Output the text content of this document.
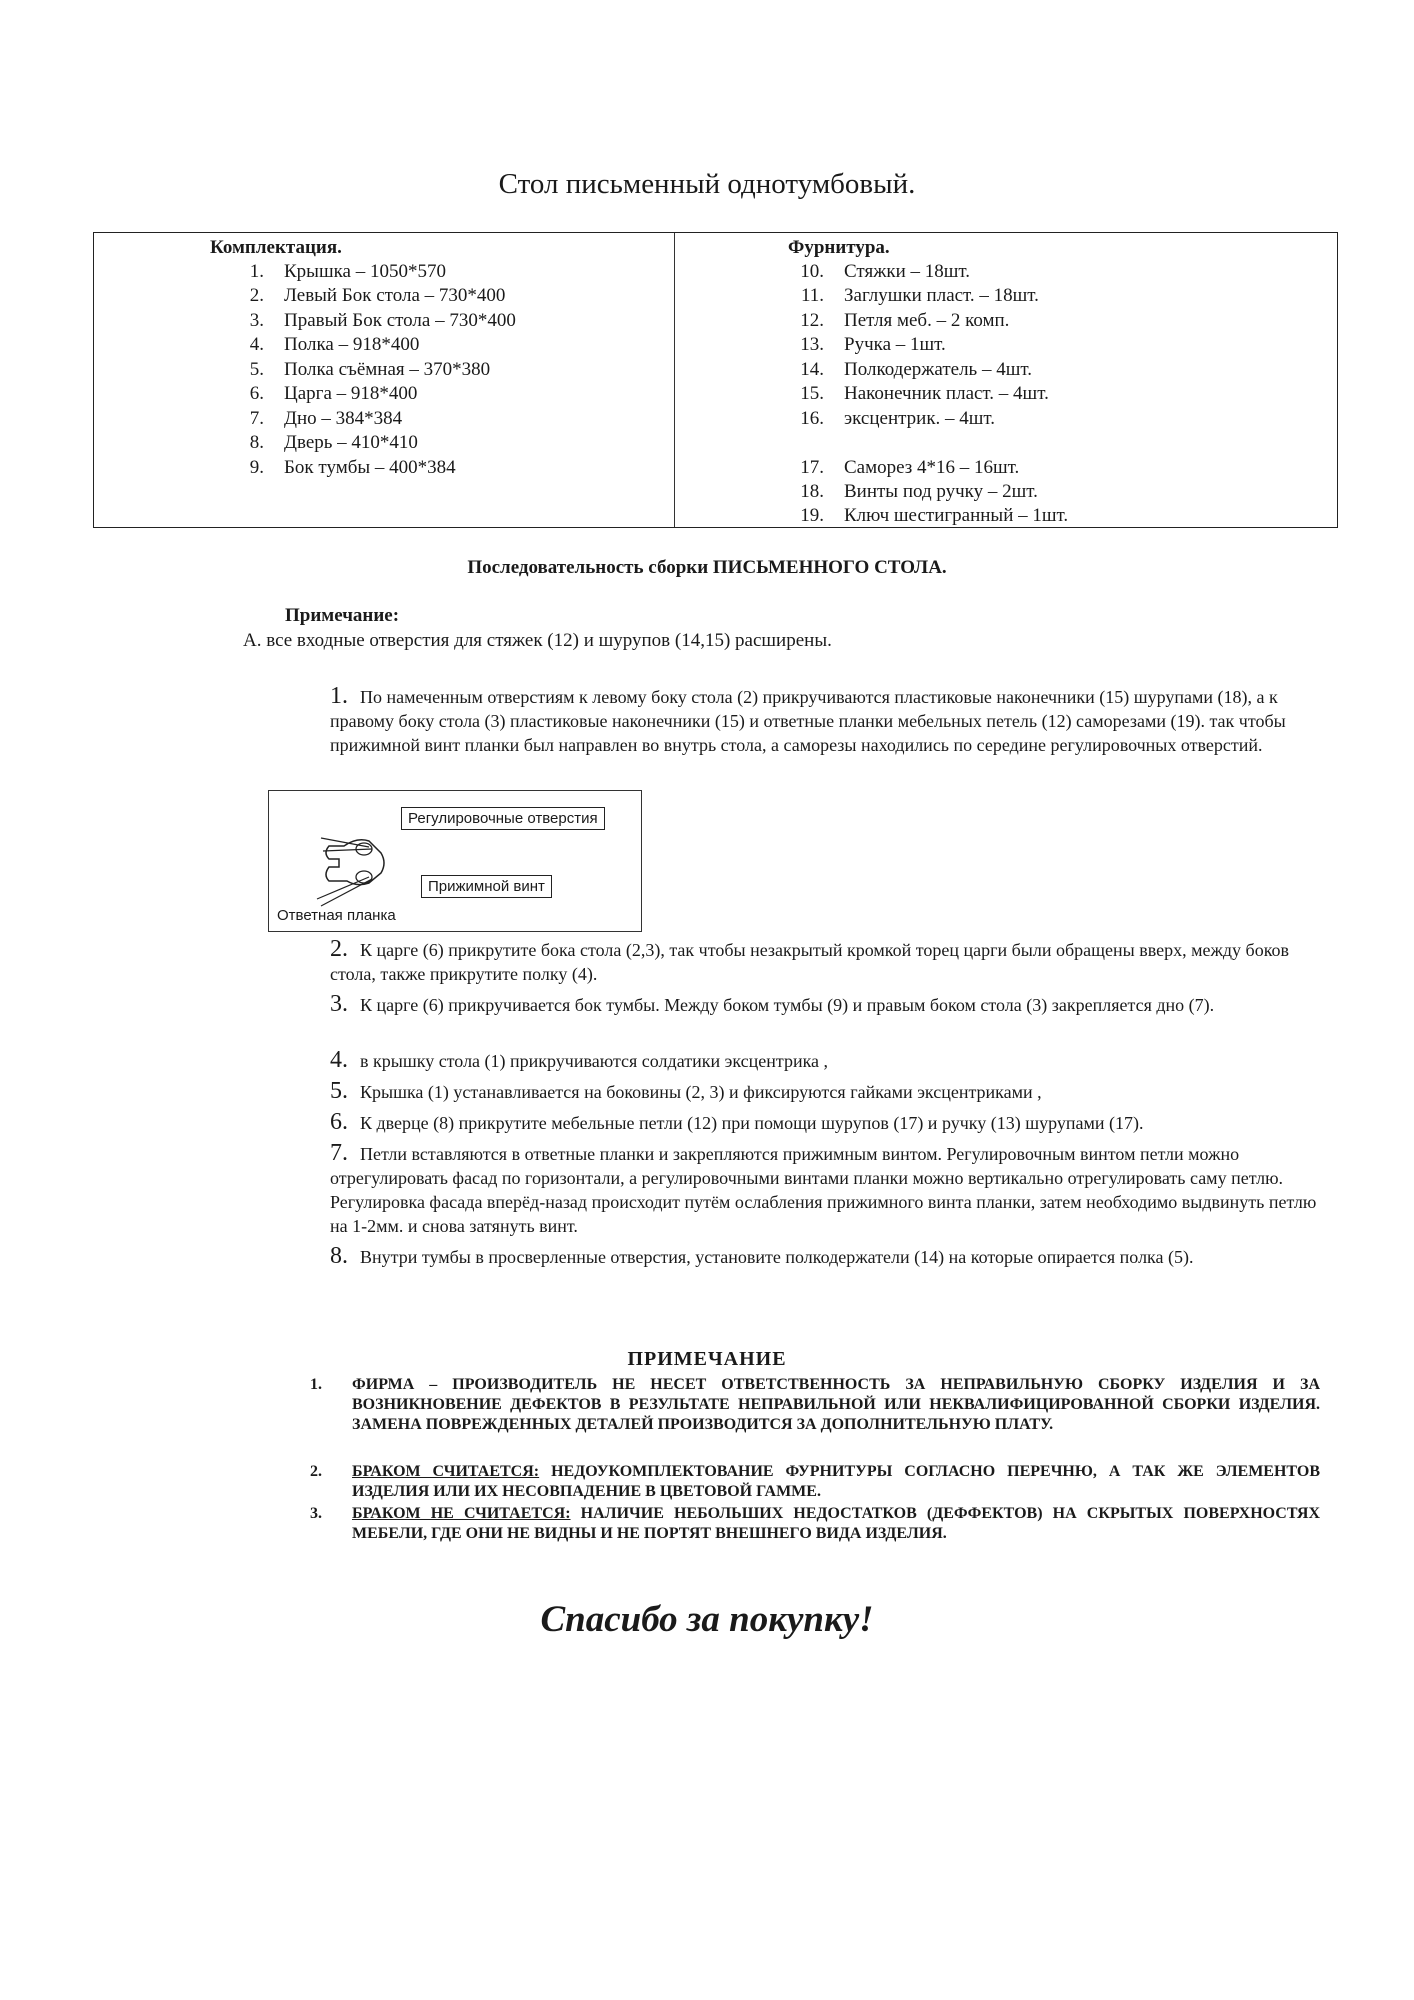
Стол письменный однотумбовый.
Комплектация.
1. Крышка – 1050*570
2. Левый Бок стола – 730*400
3. Правый Бок стола – 730*400
4. Полка – 918*400
5. Полка съёмная – 370*380
6. Царга – 918*400
7. Дно – 384*384
8. Дверь – 410*410
9. Бок тумбы – 400*384
Фурнитура.
10. Стяжки – 18шт.
11. Заглушки пласт. – 18шт.
12. Петля меб. – 2 комп.
13. Ручка – 1шт.
14. Полкодержатель – 4шт.
15. Наконечник пласт. – 4шт.
16. эксцентрик. – 4шт.
17. Саморез 4*16 – 16шт.
18. Винты под ручку – 2шт.
19. Ключ шестигранный – 1шт.
Последовательность сборки ПИСЬМЕННОГО СТОЛА.
Примечание:
А. все входные отверстия для стяжек (12) и шурупов (14,15) расширены.
1. По намеченным отверстиям к левому боку стола (2) прикручиваются пластиковые наконечники (15) шурупами (18), а к правому боку стола (3) пластиковые наконечники (15) и ответные планки мебельных петель (12) саморезами (19). так чтобы прижимной винт планки был направлен во внутрь стола, а саморезы находились по середине регулировочных отверстий.
Регулировочные отверстия
Прижимной винт
Ответная планка
2. К царге (6) прикрутите бока стола (2,3), так чтобы незакрытый кромкой торец царги были обращены вверх, между боков стола, также прикрутите полку (4).
3. К царге (6) прикручивается бок тумбы. Между боком тумбы (9) и правым боком стола (3) закрепляется дно (7).
4. в крышку стола (1) прикручиваются солдатики эксцентрика ,
5. Крышка (1) устанавливается на боковины (2, 3) и фиксируются гайками эксцентриками ,
6. К дверце (8) прикрутите мебельные петли (12) при помощи шурупов (17) и ручку (13) шурупами (17).
7. Петли вставляются в ответные планки и закрепляются прижимным винтом. Регулировочным винтом петли можно отрегулировать фасад по горизонтали, а регулировочными винтами планки можно вертикально отрегулировать саму петлю. Регулировка фасада вперёд-назад происходит путём ослабления прижимного винта планки, затем необходимо выдвинуть петлю на 1-2мм. и снова затянуть винт.
8. Внутри тумбы в просверленные отверстия, установите полкодержатели (14) на которые опирается полка (5).
ПРИМЕЧАНИЕ
1. ФИРМА – ПРОИЗВОДИТЕЛЬ НЕ НЕСЕТ ОТВЕТСТВЕННОСТЬ ЗА НЕПРАВИЛЬНУЮ СБОРКУ ИЗДЕЛИЯ И ЗА ВОЗНИКНОВЕНИЕ ДЕФЕКТОВ В РЕЗУЛЬТАТЕ НЕПРАВИЛЬНОЙ ИЛИ НЕКВАЛИФИЦИРОВАННОЙ СБОРКИ ИЗДЕЛИЯ. ЗАМЕНА ПОВРЕЖДЕННЫХ ДЕТАЛЕЙ ПРОИЗВОДИТСЯ ЗА ДОПОЛНИТЕЛЬНУЮ ПЛАТУ.
2. БРАКОМ СЧИТАЕТСЯ: НЕДОУКОМПЛЕКТОВАНИЕ ФУРНИТУРЫ СОГЛАСНО ПЕРЕЧНЮ, А ТАК ЖЕ ЭЛЕМЕНТОВ ИЗДЕЛИЯ ИЛИ ИХ НЕСОВПАДЕНИЕ В ЦВЕТОВОЙ ГАММЕ.
3. БРАКОМ НЕ СЧИТАЕТСЯ: НАЛИЧИЕ НЕБОЛЬШИХ НЕДОСТАТКОВ (ДЕФФЕКТОВ) НА СКРЫТЫХ ПОВЕРХНОСТЯХ МЕБЕЛИ, ГДЕ ОНИ НЕ ВИДНЫ И НЕ ПОРТЯТ ВНЕШНЕГО ВИДА ИЗДЕЛИЯ.
Спасибо за покупку!
